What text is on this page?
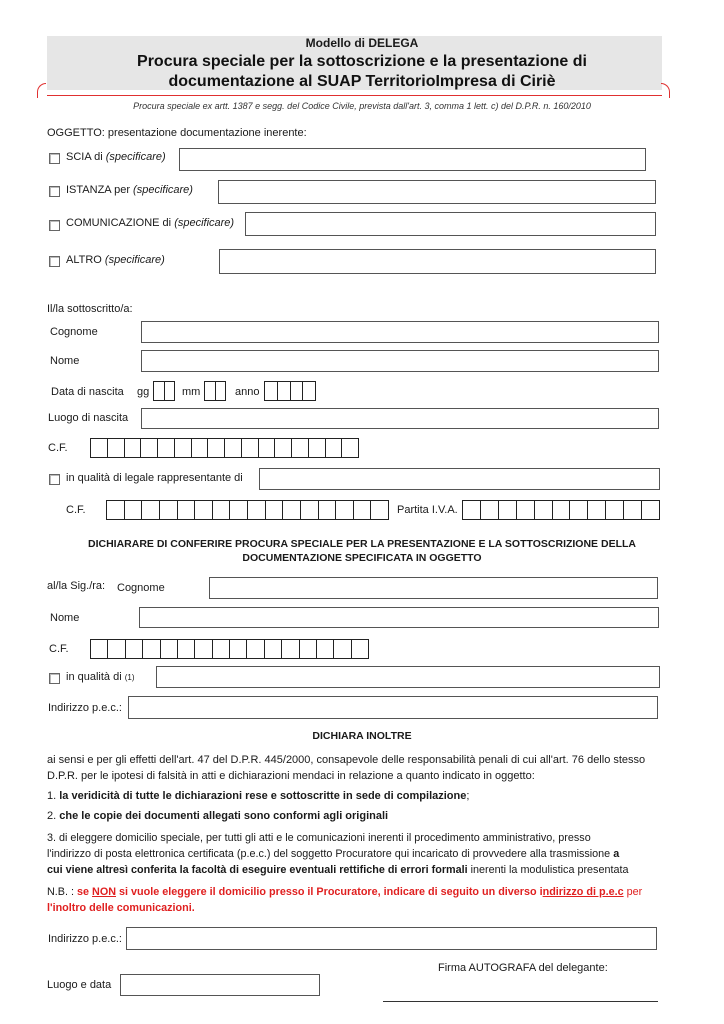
Modello di DELEGA
Procura speciale per la sottoscrizione e la presentazione di
documentazione al SUAP TerritorioImpresa di Ciriè
Procura speciale ex artt. 1387 e segg. del Codice Civile, prevista dall'art. 3, comma 1 lett. c) del D.P.R. n. 160/2010
OGGETTO: presentazione documentazione inerente:
SCIA di (specificare)
ISTANZA per (specificare)
COMUNICAZIONE di (specificare)
ALTRO (specificare)
Il/la sottoscritto/a:
Cognome
Nome
Data di nascita gg	mm	anno
Luogo di nascita
C.F.
in qualità di legale rappresentante di
C.F.	Partita I.V.A.
DICHIARARE DI CONFERIRE PROCURA SPECIALE PER LA PRESENTAZIONE E LA SOTTOSCRIZIONE DELLA
DOCUMENTAZIONE SPECIFICATA IN OGGETTO
al/la Sig./ra: Cognome
Nome
C.F.
in qualità di (1)
Indirizzo p.e.c.:
DICHIARA INOLTRE
ai sensi e per gli effetti dell'art. 47 del D.P.R. 445/2000, consapevole delle responsabilità penali di cui all'art. 76 dello stesso
D.P.R. per le ipotesi di falsità in atti e dichiarazioni mendaci in relazione a quanto indicato in oggetto:
1. la veridicità di tutte le dichiarazioni rese e sottoscritte in sede di compilazione;
2. che le copie dei documenti allegati sono conformi agli originali
3. di eleggere domicilio speciale, per tutti gli atti e le comunicazioni inerenti il procedimento amministrativo, presso
l'indirizzo di posta elettronica certificata (p.e.c.) del soggetto Procuratore qui incaricato di provvedere alla trasmissione a
cui viene altresì conferita la facoltà di eseguire eventuali rettifiche di errori formali inerenti la modulistica presentata
N.B. : se NON si vuole eleggere il domicilio presso il Procuratore, indicare di seguito un diverso indirizzo di p.e.c per
l'inoltro delle comunicazioni.
Indirizzo p.e.c.:
Firma AUTOGRAFA del delegante:
Luogo e data
